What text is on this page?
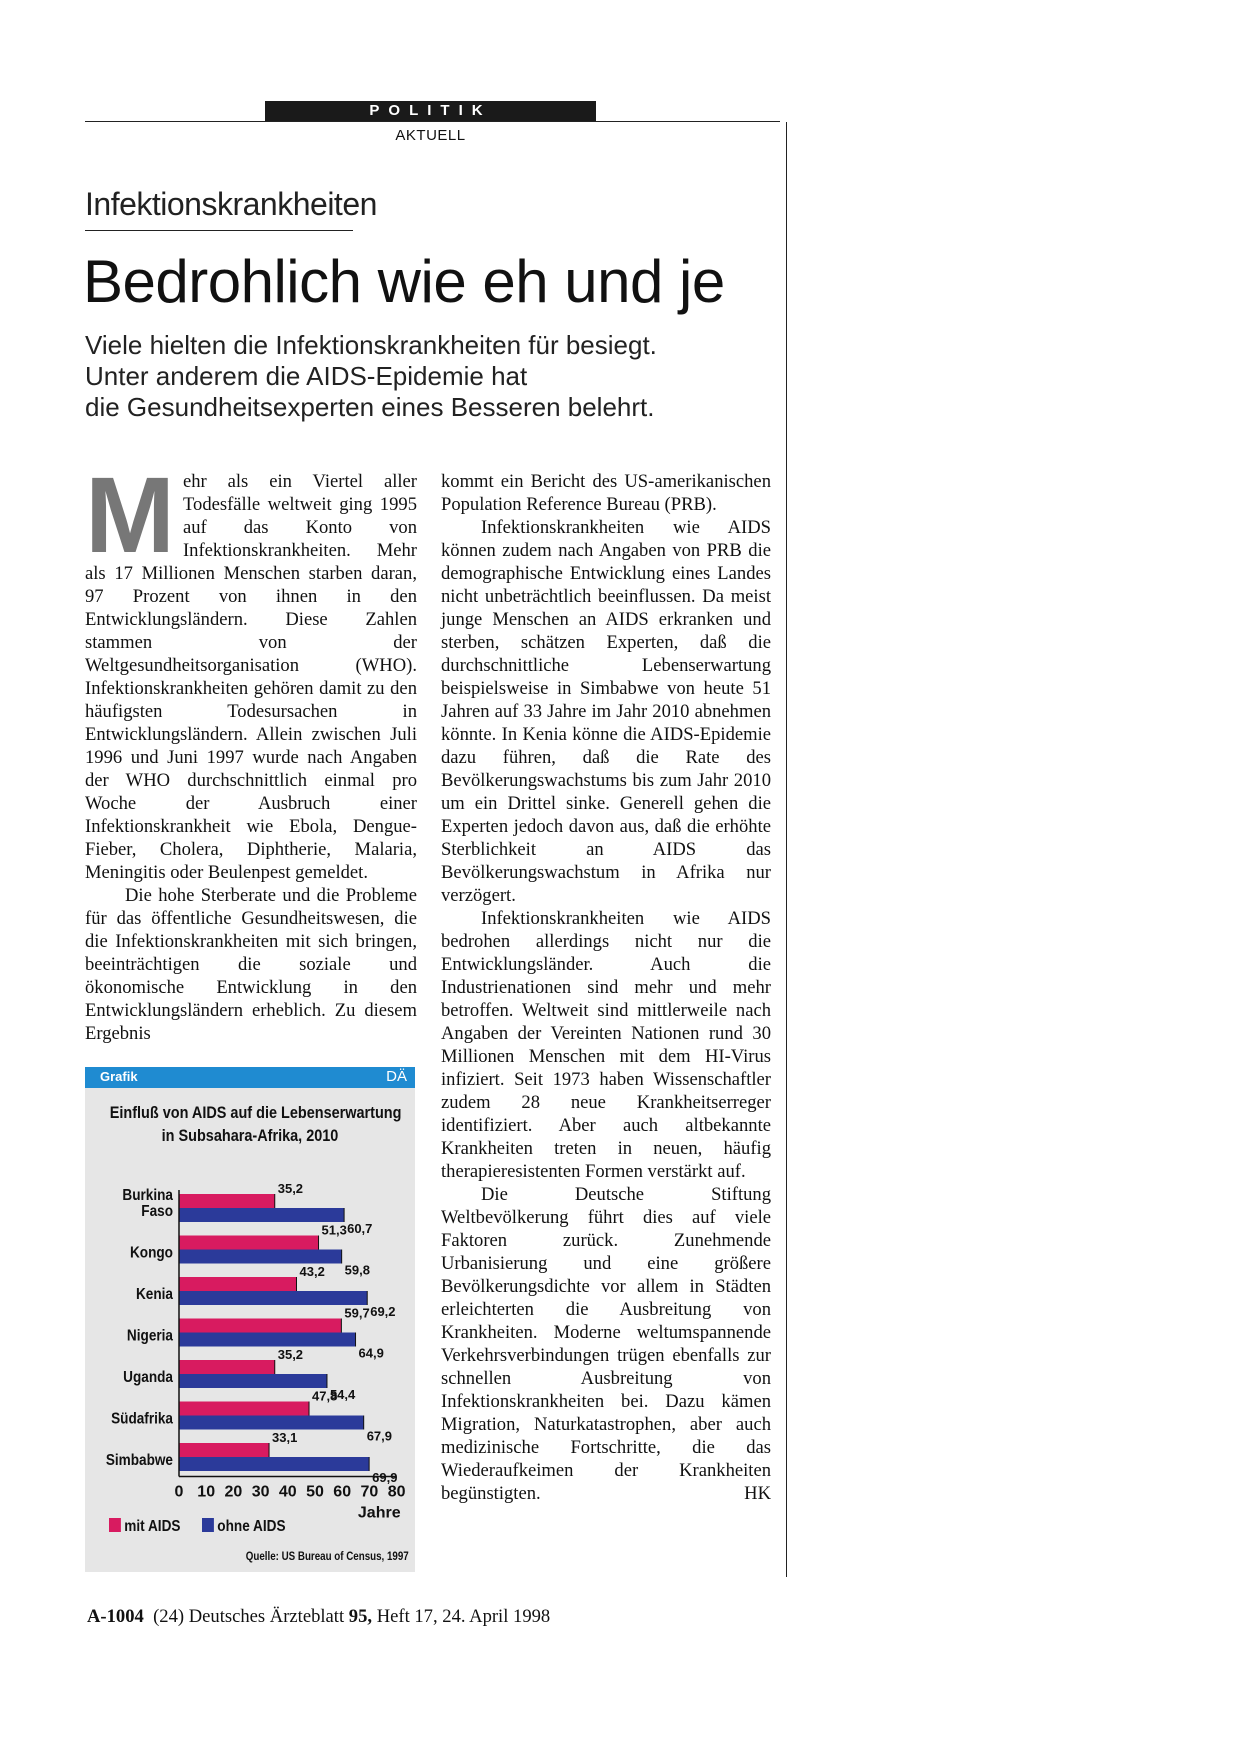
POLITIK
AKTUELL
Infektionskrankheiten
Bedrohlich wie eh und je
Viele hielten die Infektionskrankheiten für besiegt.
Unter anderem die AIDS-Epidemie hat
die Gesundheitsexperten eines Besseren belehrt.

Mehr als ein Viertel aller Todesfälle weltweit ging 1995 auf das Konto von Infektionskrankheiten. Mehr als 17 Millionen Menschen starben daran, 97 Prozent von ihnen in den Entwicklungsländern. Diese Zahlen stammen von der Weltgesundheitsorganisation (WHO). Infektionskrankheiten gehören damit zu den häufigsten Todesursachen in Entwicklungsländern. Allein zwischen Juli 1996 und Juni 1997 wurde nach Angaben der WHO durchschnittlich einmal pro Woche der Ausbruch einer Infektionskrankheit wie Ebola, Dengue-Fieber, Cholera, Diphtherie, Malaria, Meningitis oder Beulenpest gemeldet.

Die hohe Sterberate und die Probleme für das öffentliche Gesundheitswesen, die die Infektionskrankheiten mit sich bringen, beeinträchtigen die soziale und ökonomische Entwicklung in den Entwicklungsländern erheblich. Zu diesem Ergebnis

kommt ein Bericht des US-amerikanischen Population Reference Bureau (PRB).

Infektionskrankheiten wie AIDS können zudem nach Angaben von PRB die demographische Entwicklung eines Landes nicht unbeträchtlich beeinflussen. Da meist junge Menschen an AIDS erkranken und sterben, schätzen Experten, daß die durchschnittliche Lebenserwartung beispielsweise in Simbabwe von heute 51 Jahren auf 33 Jahre im Jahr 2010 abnehmen könnte. In Kenia könne die AIDS-Epidemie dazu führen, daß die Rate des Bevölkerungswachstums bis zum Jahr 2010 um ein Drittel sinke. Generell gehen die Experten jedoch davon aus, daß die erhöhte Sterblichkeit an AIDS das Bevölkerungswachstum in Afrika nur verzögert.

Infektionskrankheiten wie AIDS bedrohen allerdings nicht nur die Entwicklungsländer. Auch die Industrienationen sind mehr und mehr betroffen. Weltweit sind mittlerweile nach Angaben der Vereinten Nationen rund 30 Millionen Menschen mit dem HI-Virus infiziert. Seit 1973 haben Wissenschaftler zudem 28 neue Krankheitserreger identifiziert. Aber auch altbekannte Krankheiten treten in neuen, häufig therapieresistenten Formen verstärkt auf.

Die Deutsche Stiftung Weltbevölkerung führt dies auf viele Faktoren zurück. Zunehmende Urbanisierung und eine größere Bevölkerungsdichte vor allem in Städten erleichterten die Ausbreitung von Krankheiten. Moderne weltumspannende Verkehrsverbindungen trügen ebenfalls zur schnellen Ausbreitung von Infektionskrankheiten bei. Dazu kämen Migration, Naturkatastrophen, aber auch medizinische Fortschritte, die das Wiederaufkeimen der Krankheiten begünstigten.	HK

Grafik	DÄ
Einfluß von AIDS auf die Lebenserwartung
in Subsahara-Afrika, 2010
Burkina
Faso
35,2
60,7
Kongo
51,3
59,8
Kenia
43,2
69,2
Nigeria
59,7
64,9
Uganda
35,2
54,4
Südafrika
47,8
67,9
Simbabwe
33,1
69,9
0 10 20 30 40 50 60 70 80
Jahre
mit AIDS	ohne AIDS
Quelle: US Bureau of Census, 1997
A-1004 (24) Deutsches Ärzteblatt 95, Heft 17, 24. April 1998
